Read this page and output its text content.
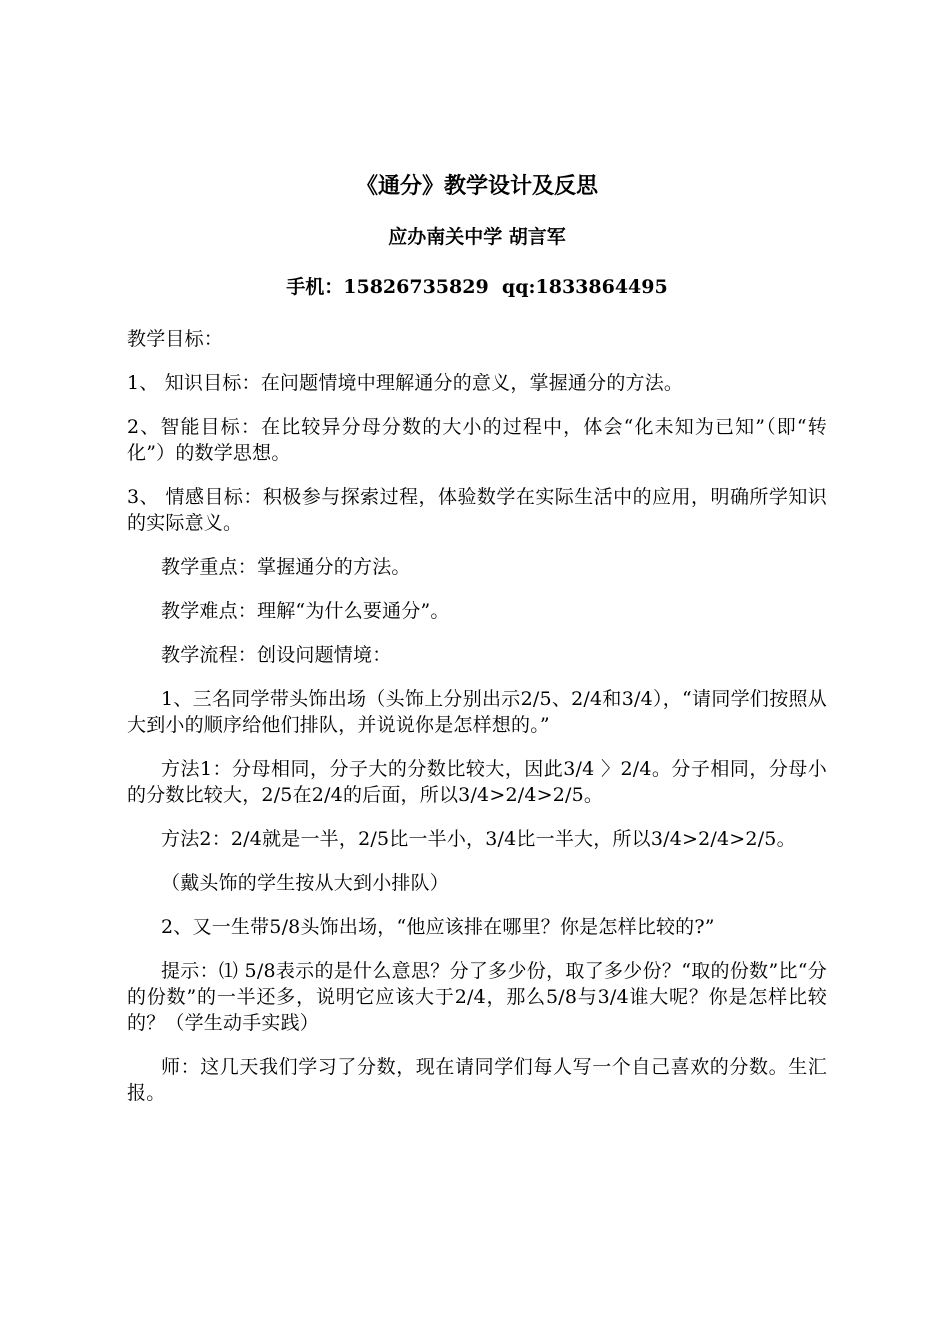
《通分》教学设计及反思
应办南关中学 胡言军
手机：15826735829  qq:1833864495
教学目标：
1、 知识目标：在问题情境中理解通分的意义，掌握通分的方法。
2、智能目标：在比较异分母分数的大小的过程中，体会“化未知为已知”（即“转化”）的数学思想。
3、 情感目标：积极参与探索过程，体验数学在实际生活中的应用，明确所学知识的实际意义。
教学重点：掌握通分的方法。
教学难点：理解“为什么要通分”。
教学流程：创设问题情境：
1、三名同学带头饰出场（头饰上分别出示2/5、2/4和3/4），“请同学们按照从大到小的顺序给他们排队，并说说你是怎样想的。”
方法1：分母相同，分子大的分数比较大，因此3/4 〉2/4。分子相同，分母小的分数比较大，2/5在2/4的后面，所以3/4>2/4>2/5。
方法2：2/4就是一半，2/5比一半小，3/4比一半大，所以3/4>2/4>2/5。
（戴头饰的学生按从大到小排队）
2、又一生带5/8头饰出场，“他应该排在哪里？你是怎样比较的?”
提示：⑴ 5/8表示的是什么意思？分了多少份，取了多少份？“取的份数”比“分的份数”的一半还多，说明它应该大于2/4，那么5/8与3/4谁大呢？你是怎样比较的？（学生动手实践）
师：这几天我们学习了分数，现在请同学们每人写一个自己喜欢的分数。生汇报。
